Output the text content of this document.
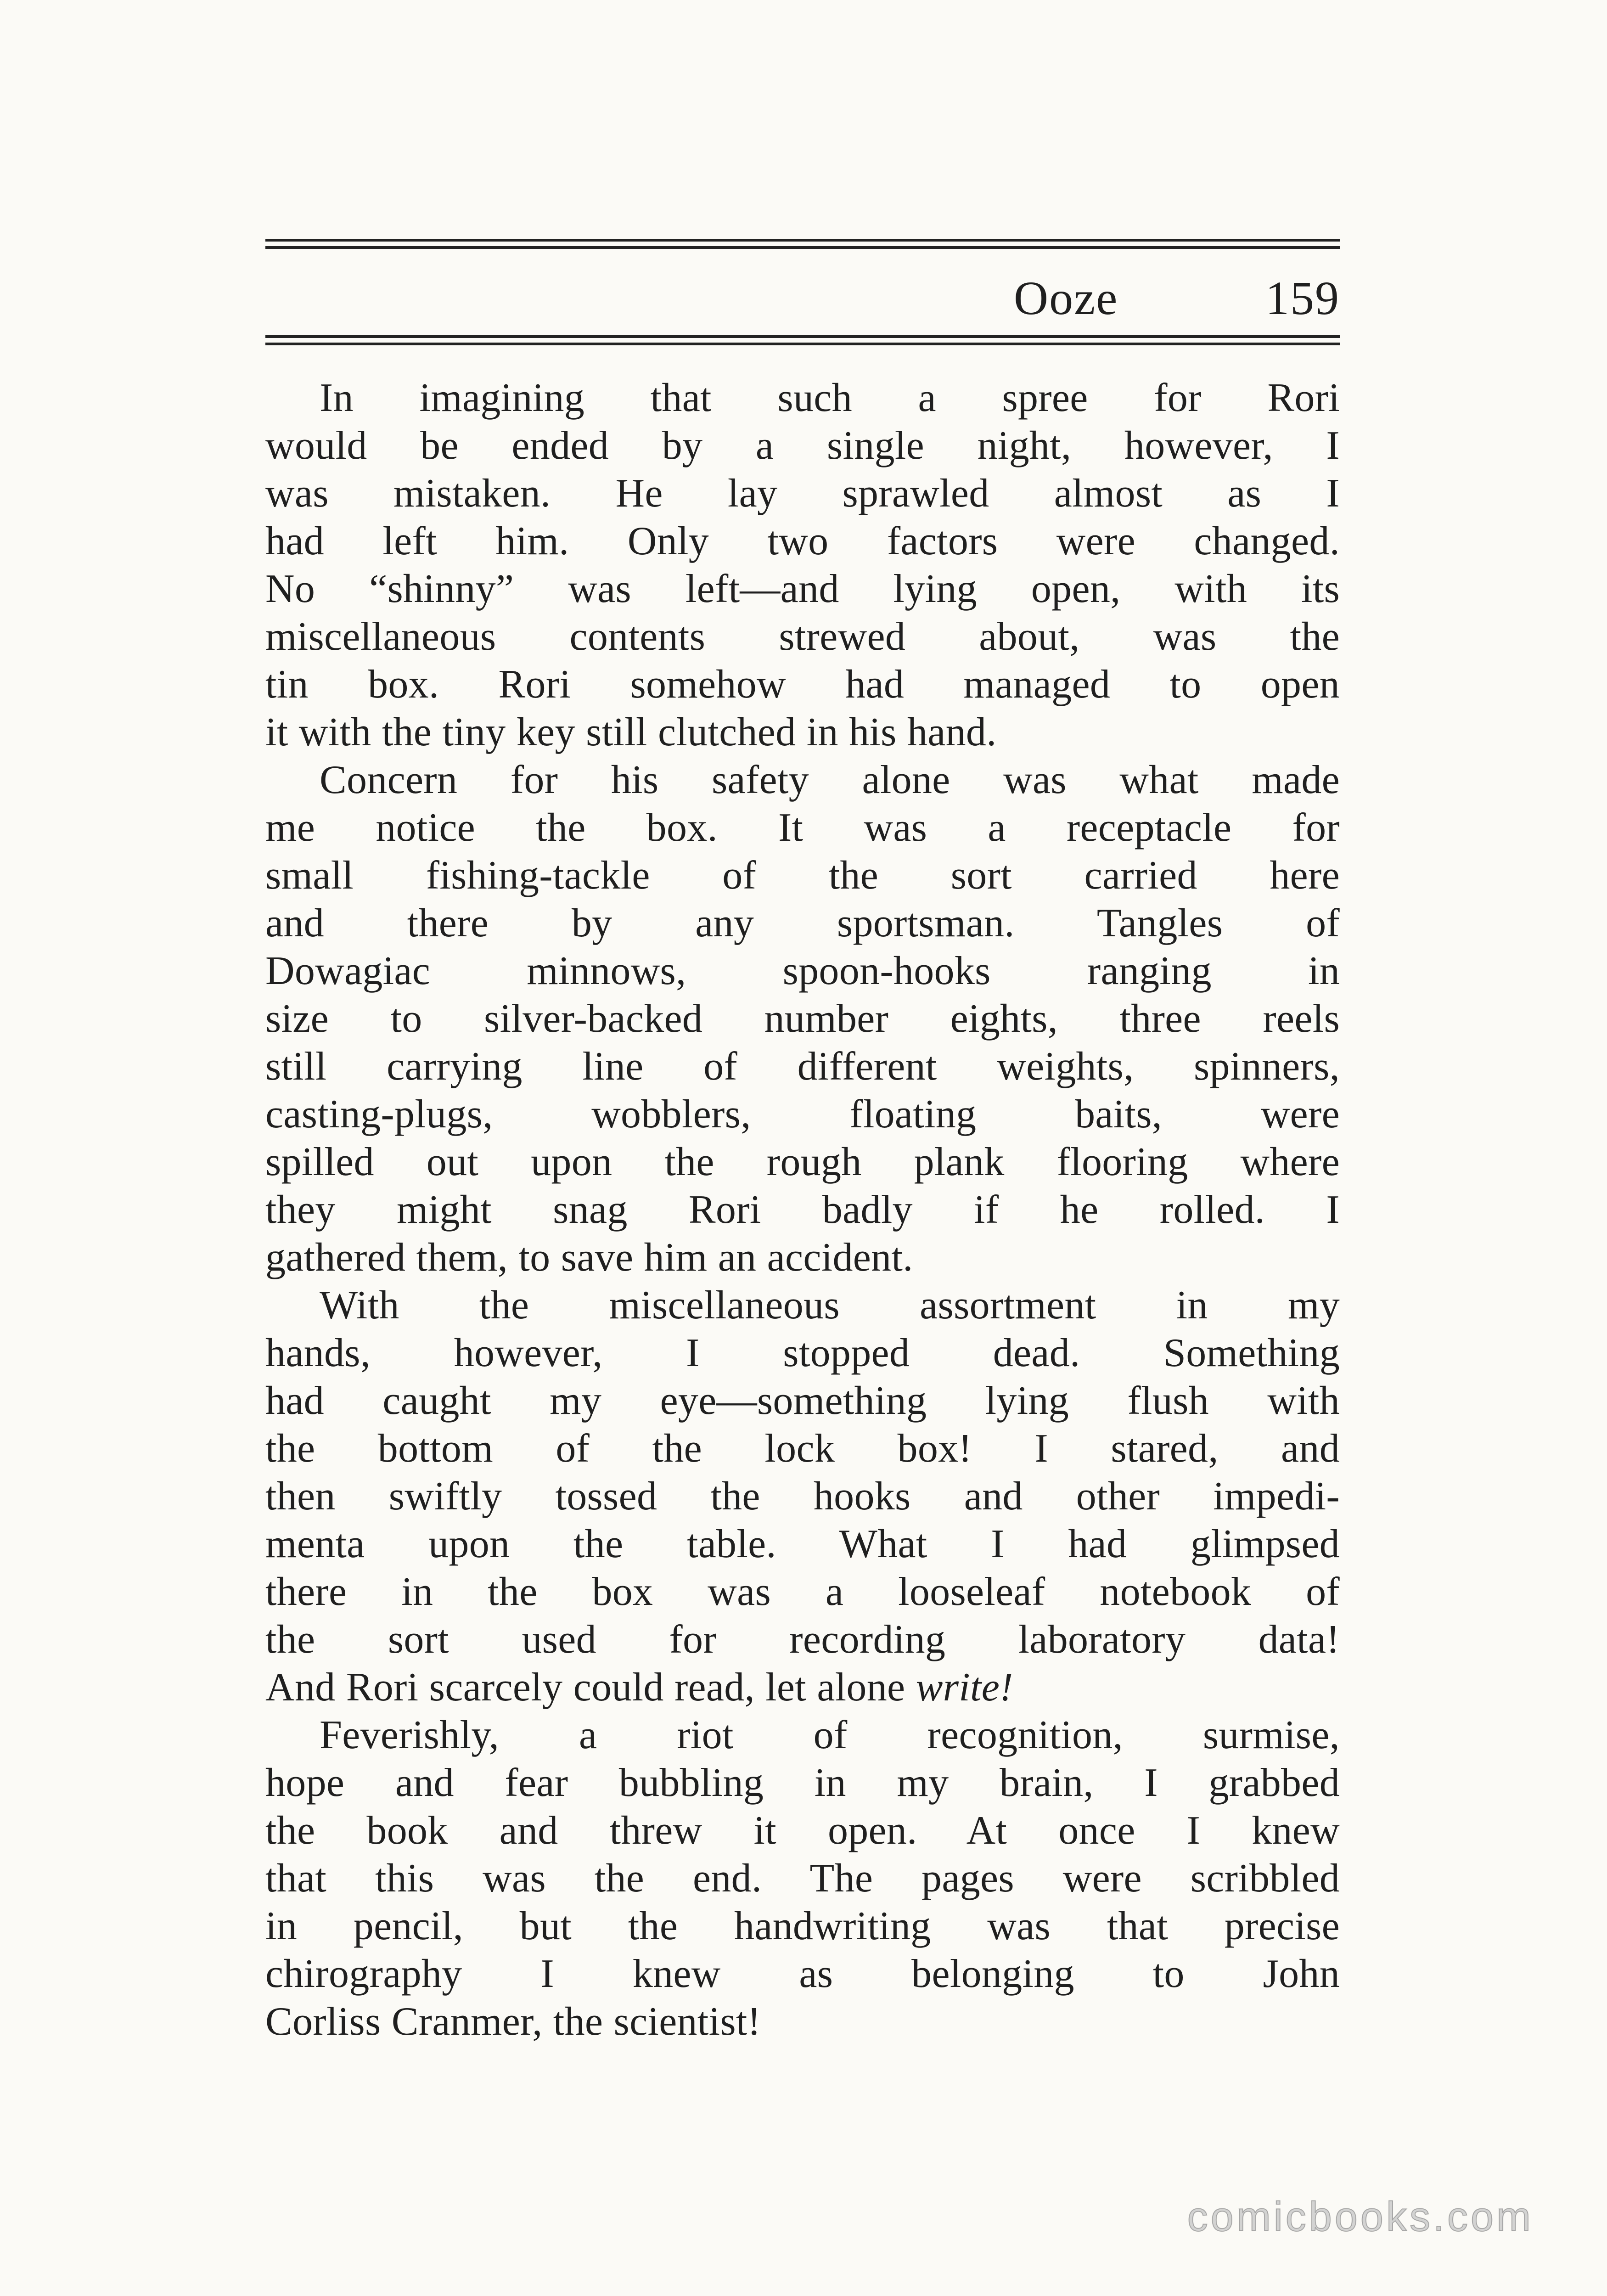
Ooze	159
In imagining that such a spree for Rori
would be ended by a single night, however, I
was mistaken. He lay sprawled almost as I
had left him. Only two factors were changed.
No “shinny” was left—and lying open, with its
miscellaneous contents strewed about, was the
tin box. Rori somehow had managed to open
it with the tiny key still clutched in his hand.
Concern for his safety alone was what made
me notice the box. It was a receptacle for
small fishing-tackle of the sort carried here
and there by any sportsman. Tangles of
Dowagiac minnows, spoon-hooks ranging in
size to silver-backed number eights, three reels
still carrying line of different weights, spinners,
casting-plugs, wobblers, floating baits, were
spilled out upon the rough plank flooring where
they might snag Rori badly if he rolled. I
gathered them, to save him an accident.
With the miscellaneous assortment in my
hands, however, I stopped dead. Something
had caught my eye—something lying flush with
the bottom of the lock box! I stared, and
then swiftly tossed the hooks and other impedi-
menta upon the table. What I had glimpsed
there in the box was a looseleaf notebook of
the sort used for recording laboratory data!
And Rori scarcely could read, let alone write!
Feverishly, a riot of recognition, surmise,
hope and fear bubbling in my brain, I grabbed
the book and threw it open. At once I knew
that this was the end. The pages were scribbled
in pencil, but the handwriting was that precise
chirography I knew as belonging to John
Corliss Cranmer, the scientist!
comicbooks.com
